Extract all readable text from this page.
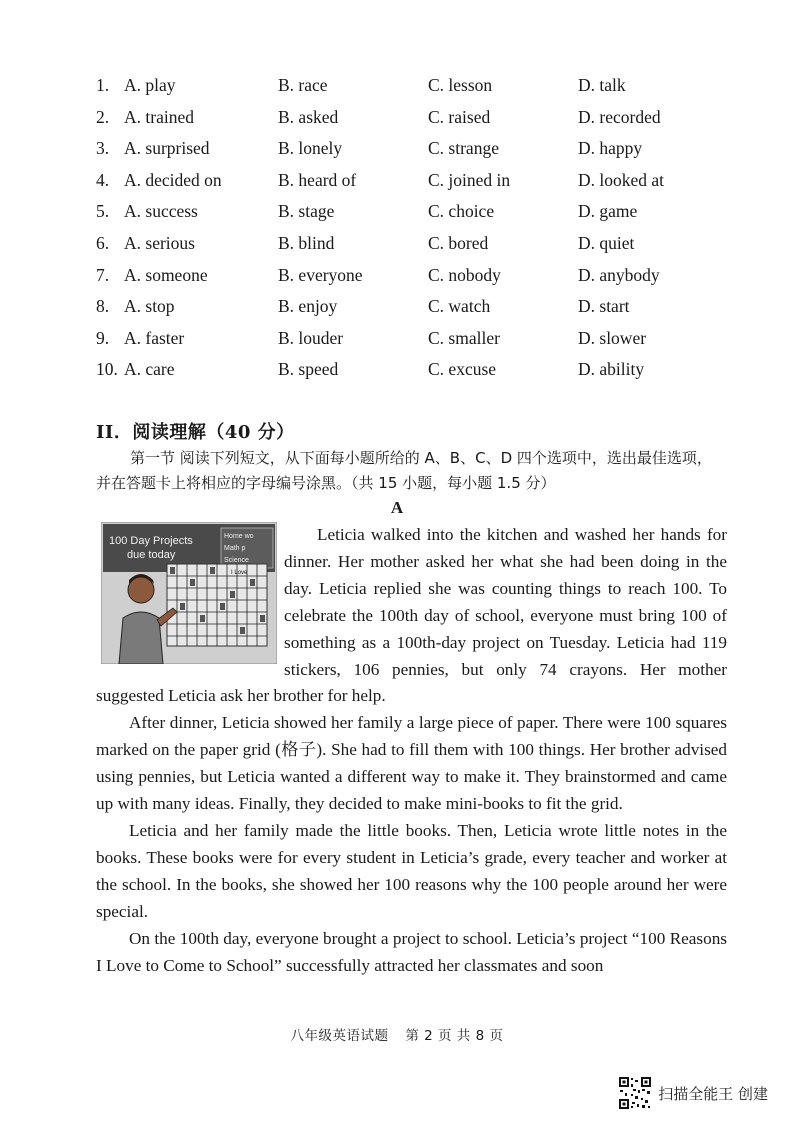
1. A. play	B. race	C. lesson	D. talk
2. A. trained	B. asked	C. raised	D. recorded
3. A. surprised	B. lonely	C. strange	D. happy
4. A. decided on	B. heard of	C. joined in	D. looked at
5. A. success	B. stage	C. choice	D. game
6. A. serious	B. blind	C. bored	D. quiet
7. A. someone	B. everyone	C. nobody	D. anybody
8. A. stop	B. enjoy	C. watch	D. start
9. A. faster	B. louder	C. smaller	D. slower
10. A. care	B. speed	C. excuse	D. ability
II．阅读理解（40 分）
第一节 阅读下列短文，从下面每小题所给的 A、B、C、D 四个选项中，选出最佳选项，
并在答题卡上将相应的字母编号涂黑。（共 15 小题，每小题 1.5 分）
A
100 Day Projects
due today
Home wo
Math p
Science
I Love

Leticia walked into the kitchen and washed her hands for dinner. Her mother asked her what she had been doing in the day. Leticia replied she was counting things to reach 100. To celebrate the 100th day of school, everyone must bring 100 of something as a 100th-day project on Tuesday. Leticia had 119 stickers, 106 pennies, but only 74 crayons. Her mother suggested Leticia ask her brother for help.

After dinner, Leticia showed her family a large piece of paper. There were 100 squares marked on the paper grid (格子). She had to fill them with 100 things. Her brother advised using pennies, but Leticia wanted a different way to make it. They brainstormed and came up with many ideas. Finally, they decided to make mini-books to fit the grid.

Leticia and her family made the little books. Then, Leticia wrote little notes in the books. These books were for every student in Leticia’s grade, every teacher and worker at the school. In the books, she showed her 100 reasons why the 100 people around her were special.

On the 100th day, everyone brought a project to school. Leticia’s project “100 Reasons I Love to Come to School” successfully attracted her classmates and soon

八年级英语试题 第 2 页 共 8 页
扫描全能王 创建
